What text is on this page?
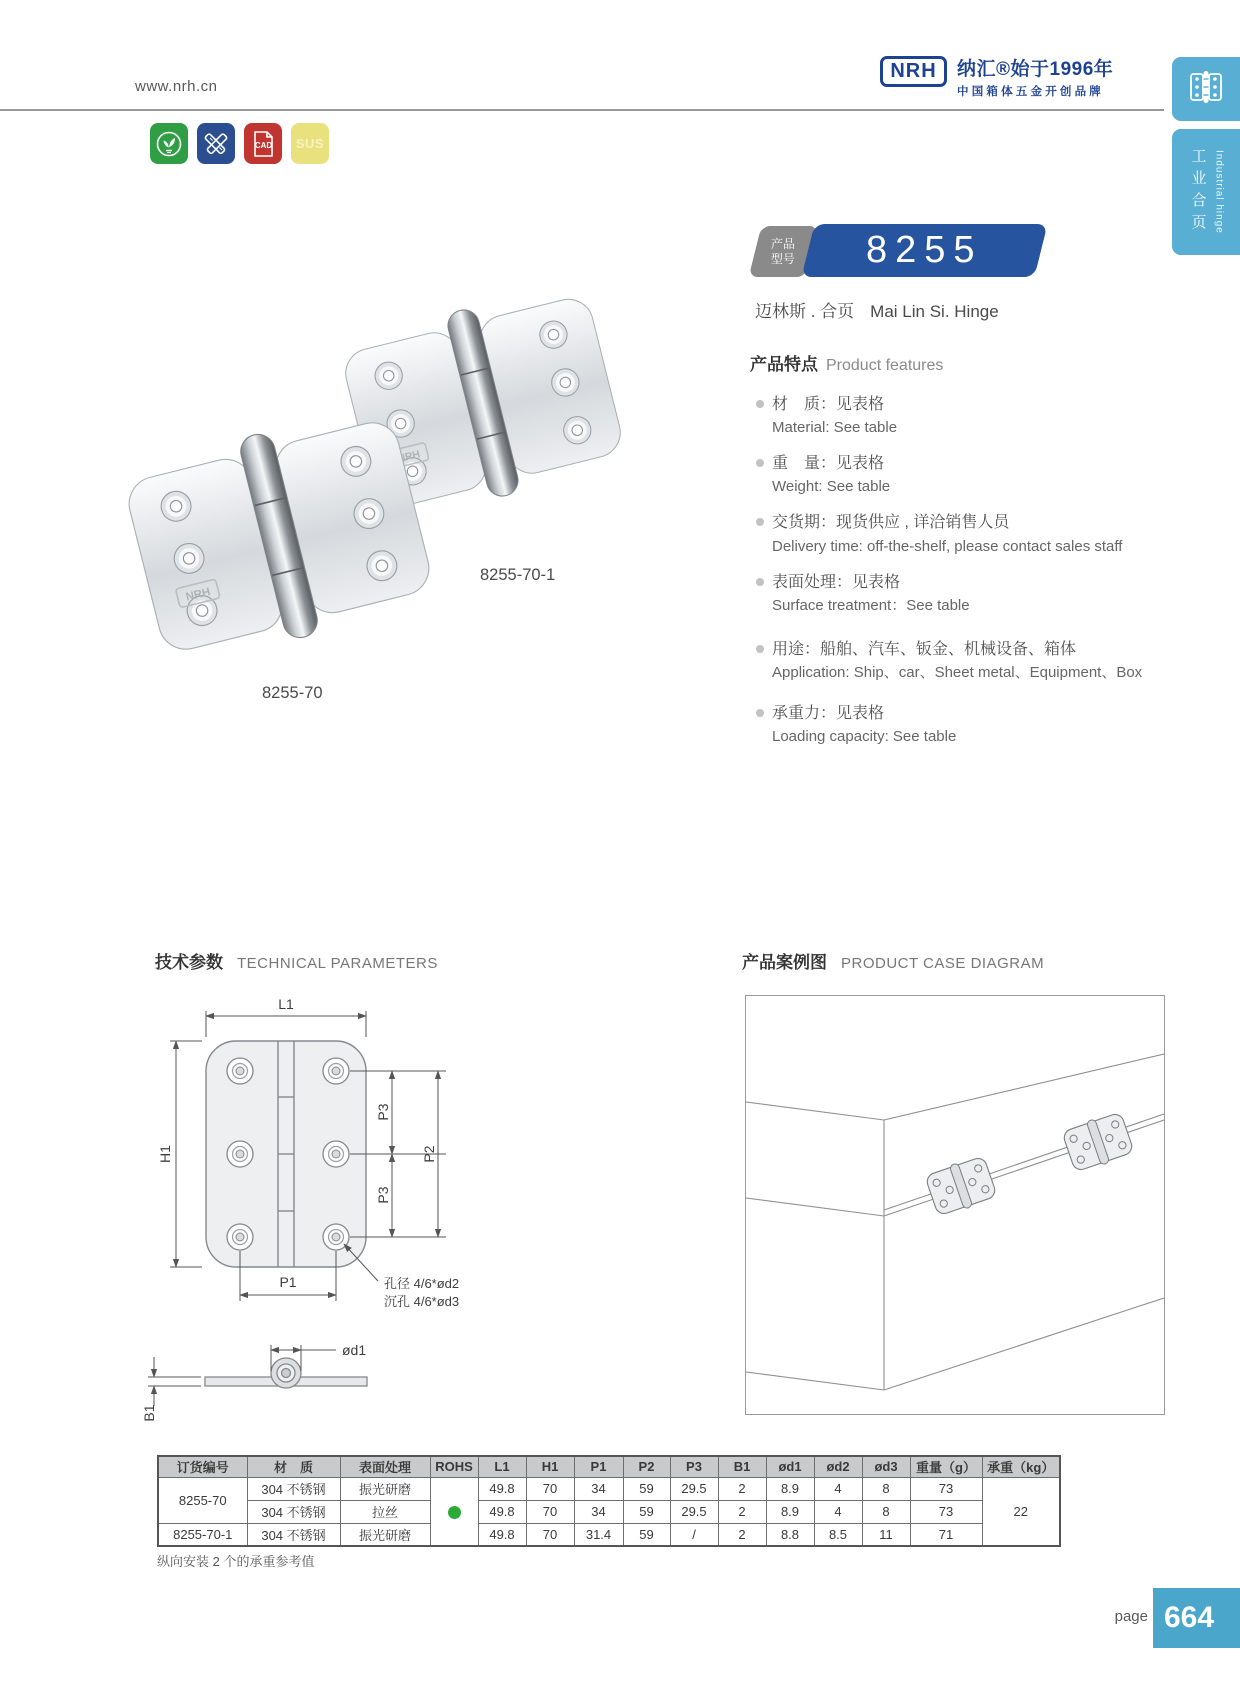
www.nrh.cn
NRH 纳汇®始于1996年
中国箱体五金开创品牌
工业合页 Industrial hinge
CAD SUS
8255-70-1
8255-70
产品
型号 8255
迈林斯 . 合页 Mai Lin Si. Hinge
产品特点 Product features
材　质：见表格
Material: See table
重　量：见表格
Weight: See table
交货期：现货供应 , 详洽销售人员
Delivery time: off-the-shelf, please contact sales staff
表面处理：见表格
Surface treatment：See table
用途：船舶、汽车、钣金、机械设备、箱体
Application: Ship、car、Sheet metal、Equipment、Box
承重力：见表格
Loading capacity: See table
技术参数 TECHNICAL PARAMETERS	产品案例图 PRODUCT CASE DIAGRAM
L1
H1
P1
P3
P3
P2
孔径 4/6*ød2
沉孔 4/6*ød3
ød1
B1
订货编号	材　质	表面处理	ROHS	L1	H1	P1	P2	P3	B1	ød1	ød2	ød3	重量（g）	承重（kg）
8255-70	304 不锈钢	振光研磨		49.8	70	34	59	29.5	2	8.9	4	8	73	22
	304 不锈钢	拉丝		49.8	70	34	59	29.5	2	8.9	4	8	73	
8255-70-1	304 不锈钢	振光研磨		49.8	70	31.4	59	/	2	8.8	8.5	11	71	
纵向安装 2 个的承重参考值
page 664
